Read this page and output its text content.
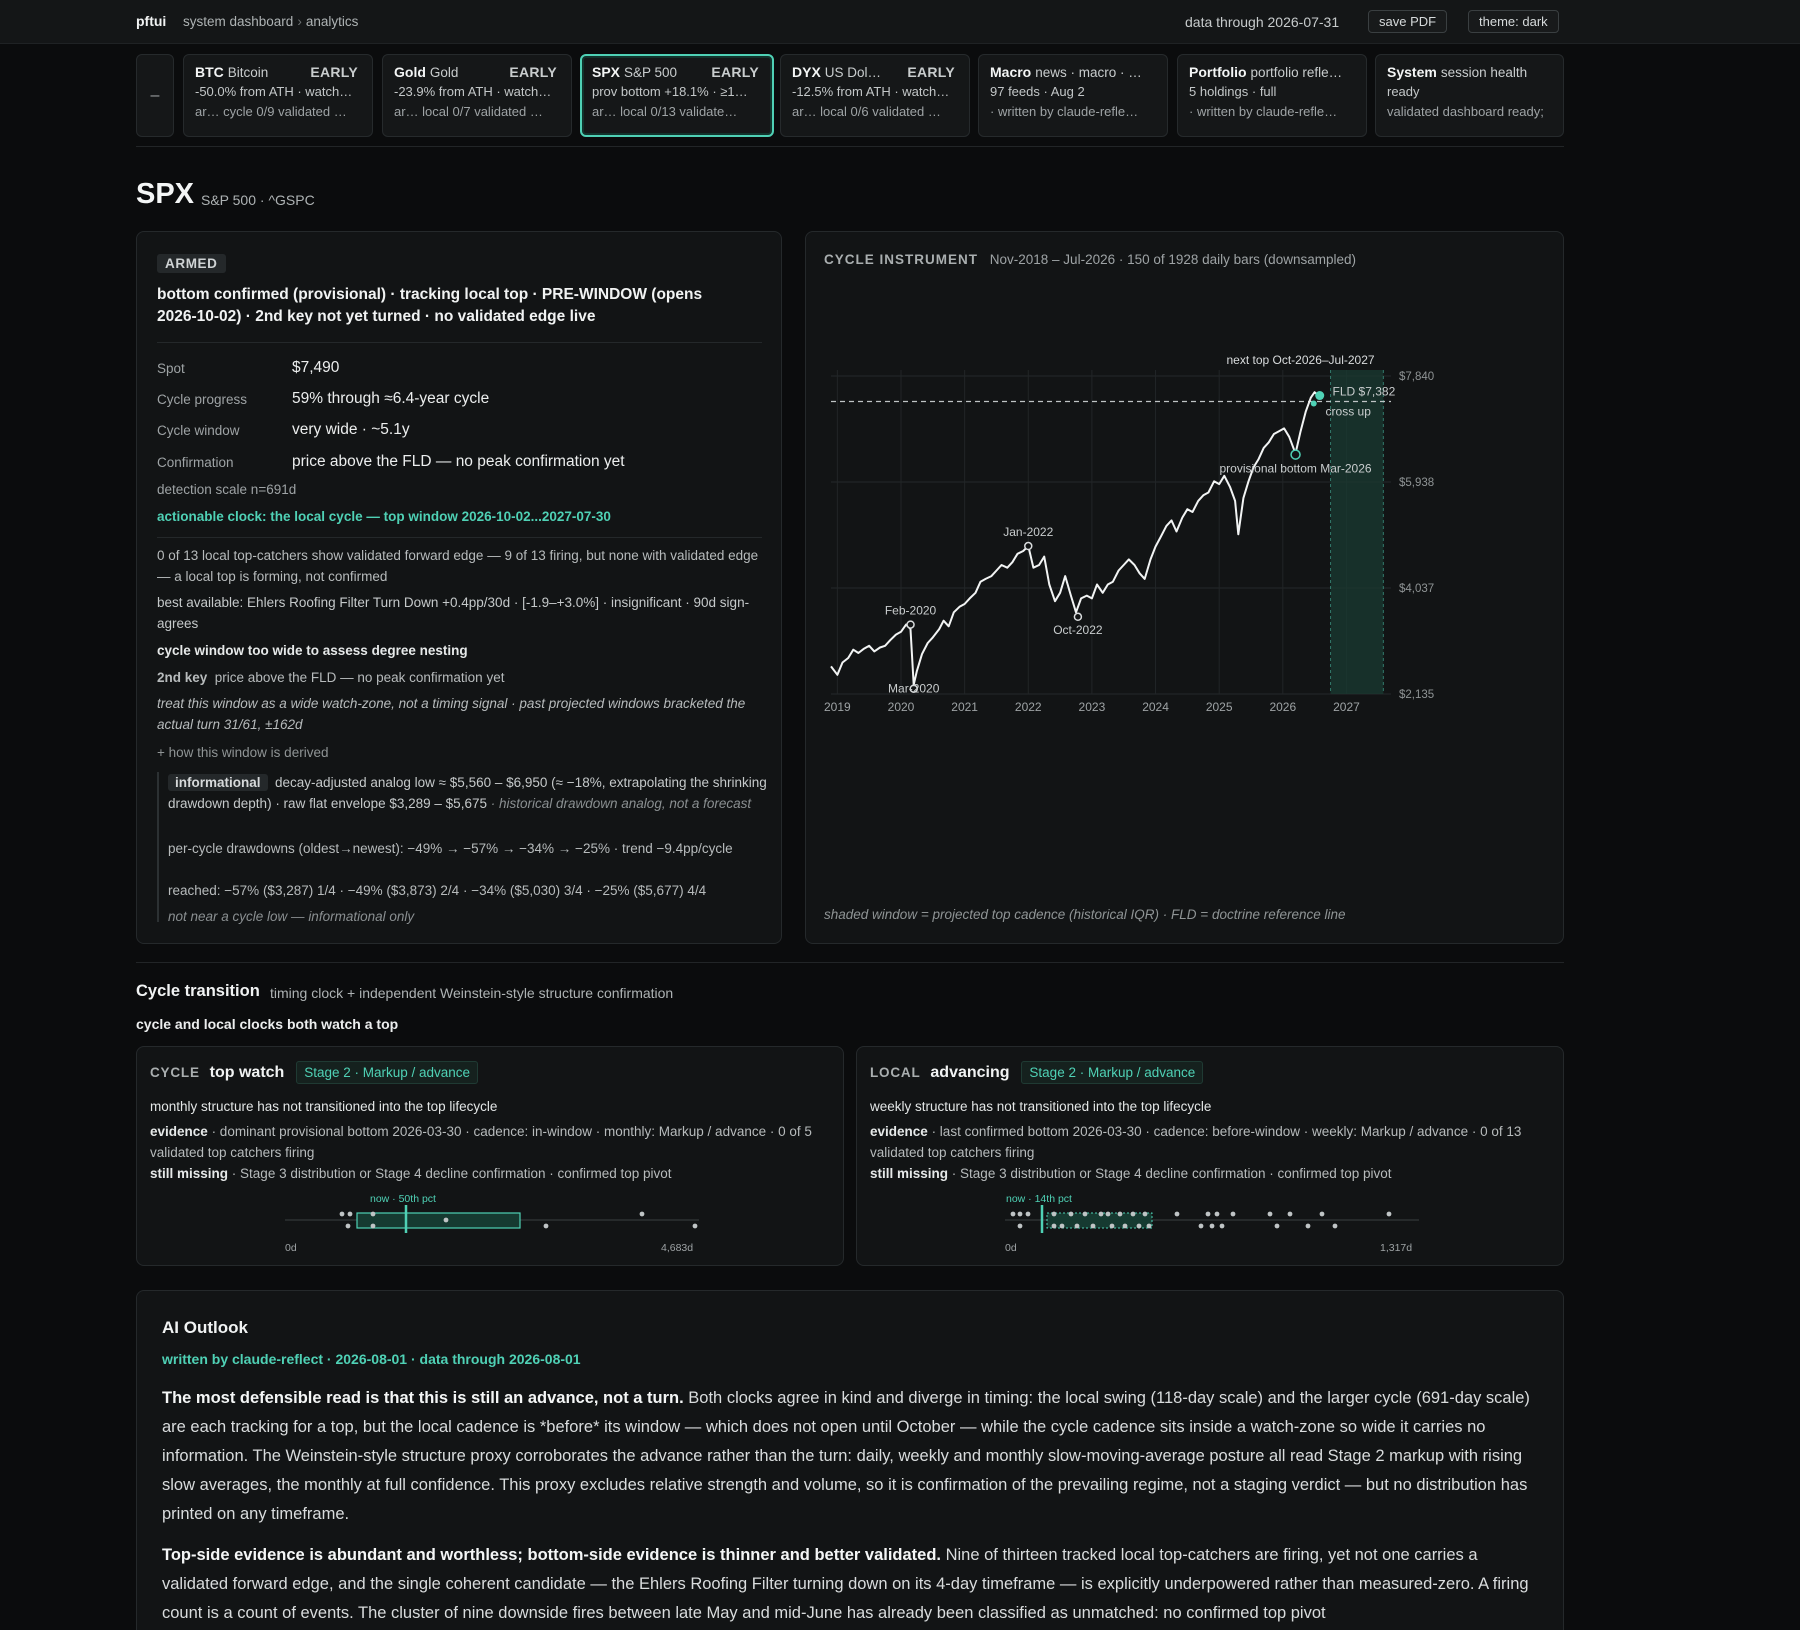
pftui system dashboard › analytics	data through 2026-07-31	save PDF	theme: dark
–
BTC Bitcoin	EARLY
-50.0% from ATH · watch…
ar… cycle 0/9 validated …
Gold Gold	EARLY
-23.9% from ATH · watch…
ar… local 0/7 validated …
SPX S&P 500 EARLY
prov bottom +18.1% · ≥1…
ar… local 0/13 validate…
DYX US Dol… EARLY
-12.5% from ATH · watch…
ar… local 0/6 validated …
Macro news · macro · …
97 feeds · Aug 2
· written by claude-refle…
Portfolio portfolio refle…
5 holdings · full
· written by claude-refle…
System session health
ready
validated dashboard ready;
SPX S&P 500 · ^GSPC
ARMED
bottom confirmed (provisional) · tracking local top · PRE-WINDOW (opens 2026-10-02) · 2nd key not yet turned · no validated edge live
Spot	$7,490
Cycle progress	59% through ≈6.4-year cycle
Cycle window	very wide · ~5.1y
Confirmation	price above the FLD — no peak confirmation yet
detection scale n=691d
actionable clock: the local cycle — top window 2026-10-02...2027-07-30
0 of 13 local top-catchers show validated forward edge — 9 of 13 firing, but none with validated edge — a local top is forming, not confirmed
best available: Ehlers Roofing Filter Turn Down +0.4pp/30d · [-1.9–+3.0%] · insignificant · 90d sign-agrees
cycle window too wide to assess degree nesting
2nd key price above the FLD — no peak confirmation yet
treat this window as a wide watch-zone, not a timing signal · past projected windows bracketed the actual turn 31/61, ±162d
+ how this window is derived
informational decay-adjusted analog low ≈ $5,560 – $6,950 (≈ −18%, extrapolating the shrinking drawdown depth) · raw flat envelope $3,289 – $5,675 · historical drawdown analog, not a forecast
per-cycle drawdowns (oldest→newest): −49% → −57% → −34% → −25% · trend −9.4pp/cycle
reached: −57% ($3,287) 1/4 · −49% ($3,873) 2/4 · −34% ($5,030) 3/4 · −25% ($5,677) 4/4
not near a cycle low — informational only
CYCLE INSTRUMENT Nov-2018 – Jul-2026 · 150 of 1928 daily bars (downsampled)
$7,840
$5,938
$4,037
$2,135
2019	2020	2021	2022	2023	2024	2025	2026	2027
next top Oct-2026–Jul-2027
FLD $7,382
cross up
provisional bottom Mar-2026
Jan-2022
Oct-2022
Feb-2020
Mar-2020
shaded window = projected top cadence (historical IQR) · FLD = doctrine reference line
Cycle transition timing clock + independent Weinstein-style structure confirmation
cycle and local clocks both watch a top
CYCLE top watch Stage 2 · Markup / advance
monthly structure has not transitioned into the top lifecycle
evidence · dominant provisional bottom 2026-03-30 · cadence: in-window · monthly: Markup / advance · 0 of 5 validated top catchers firing
still missing · Stage 3 distribution or Stage 4 decline confirmation · confirmed top pivot
now · 50th pct
0d	4,683d
LOCAL advancing Stage 2 · Markup / advance
weekly structure has not transitioned into the top lifecycle
evidence · last confirmed bottom 2026-03-30 · cadence: before-window · weekly: Markup / advance · 0 of 13 validated top catchers firing
still missing · Stage 3 distribution or Stage 4 decline confirmation · confirmed top pivot
now · 14th pct
0d	1,317d
AI Outlook
written by claude-reflect · 2026-08-01 · data through 2026-08-01
The most defensible read is that this is still an advance, not a turn. Both clocks agree in kind and diverge in timing: the local swing (118-day scale) and the larger cycle (691-day scale) are each tracking for a top, but the local cadence is *before* its window — which does not open until October — while the cycle cadence sits inside a watch-zone so wide it carries no information. The Weinstein-style structure proxy corroborates the advance rather than the turn: daily, weekly and monthly slow-moving-average posture all read Stage 2 markup with rising slow averages, the monthly at full confidence. This proxy excludes relative strength and volume, so it is confirmation of the prevailing regime, not a staging verdict — but no distribution has printed on any timeframe.
Top-side evidence is abundant and worthless; bottom-side evidence is thinner and better validated. Nine of thirteen tracked local top-catchers are firing, yet not one carries a validated forward edge, and the single coherent candidate — the Ehlers Roofing Filter turning down on its 4-day timeframe — is explicitly underpowered rather than measured-zero. A firing count is a count of events. The cluster of nine downside fires between late May and mid-June has already been classified as unmatched: no confirmed top pivot
